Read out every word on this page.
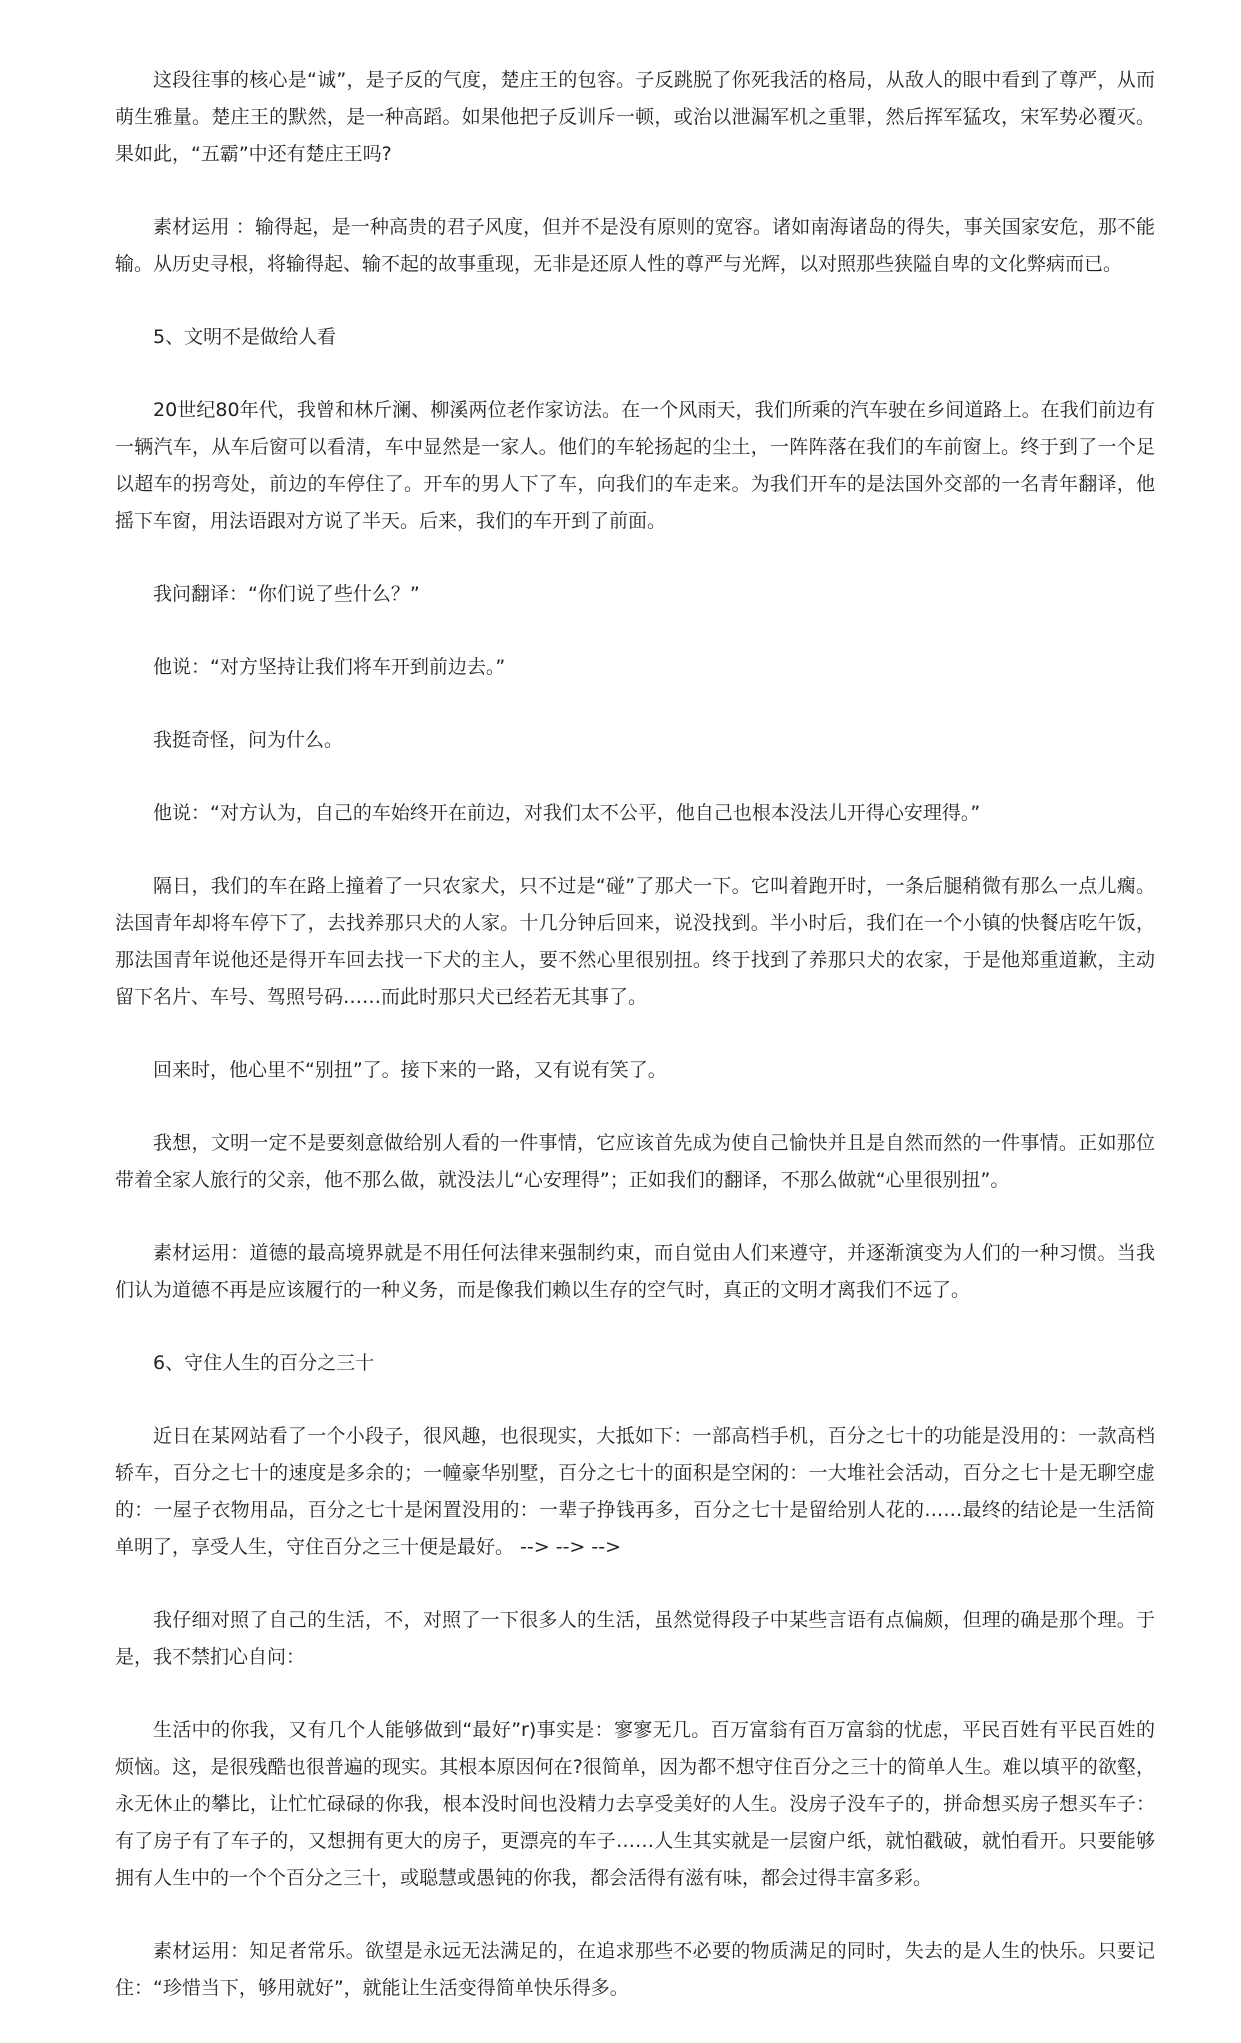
这段往事的核心是“诚”，是子反的气度，楚庄王的包容。子反跳脱了你死我活的格局，从敌人的眼中看到了尊严，从而萌生雅量。楚庄王的默然，是一种高蹈。如果他把子反训斥一顿，或治以泄漏军机之重罪，然后挥军猛攻，宋军势必覆灭。果如此，“五霸”中还有楚庄王吗?

素材运用 ：输得起，是一种高贵的君子风度，但并不是没有原则的宽容。诸如南海诸岛的得失，事关国家安危，那不能输。从历史寻根，将输得起、输不起的故事重现，无非是还原人性的尊严与光辉，以对照那些狭隘自卑的文化弊病而已。

5、文明不是做给人看

20世纪80年代，我曾和林斤澜、柳溪两位老作家访法。在一个风雨天，我们所乘的汽车驶在乡间道路上。在我们前边有一辆汽车，从车后窗可以看清，车中显然是一家人。他们的车轮扬起的尘土，一阵阵落在我们的车前窗上。终于到了一个足以超车的拐弯处，前边的车停住了。开车的男人下了车，向我们的车走来。为我们开车的是法国外交部的一名青年翻译，他摇下车窗，用法语跟对方说了半天。后来，我们的车开到了前面。

我问翻译：“你们说了些什么？”

他说：“对方坚持让我们将车开到前边去。”

我挺奇怪，问为什么。

他说：“对方认为，自己的车始终开在前边，对我们太不公平，他自己也根本没法儿开得心安理得。”

隔日，我们的车在路上撞着了一只农家犬，只不过是“碰”了那犬一下。它叫着跑开时，一条后腿稍微有那么一点儿瘸。法国青年却将车停下了，去找养那只犬的人家。十几分钟后回来，说没找到。半小时后，我们在一个小镇的快餐店吃午饭，那法国青年说他还是得开车回去找一下犬的主人，要不然心里很别扭。终于找到了养那只犬的农家，于是他郑重道歉，主动留下名片、车号、驾照号码……而此时那只犬已经若无其事了。

回来时，他心里不“别扭”了。接下来的一路，又有说有笑了。

我想，文明一定不是要刻意做给别人看的一件事情，它应该首先成为使自己愉快并且是自然而然的一件事情。正如那位带着全家人旅行的父亲，他不那么做，就没法儿“心安理得”；正如我们的翻译，不那么做就“心里很别扭”。

素材运用：道德的最高境界就是不用任何法律来强制约束，而自觉由人们来遵守，并逐渐演变为人们的一种习惯。当我们认为道德不再是应该履行的一种义务，而是像我们赖以生存的空气时，真正的文明才离我们不远了。

6、守住人生的百分之三十

近日在某网站看了一个小段子，很风趣，也很现实，大抵如下：一部高档手机，百分之七十的功能是没用的：一款高档轿车，百分之七十的速度是多余的；一幢豪华别墅，百分之七十的面积是空闲的：一大堆社会活动，百分之七十是无聊空虚的：一屋子衣物用品，百分之七十是闲置没用的：一辈子挣钱再多，百分之七十是留给别人花的……最终的结论是一生活简单明了，享受人生，守住百分之三十便是最好。 --> --> -->

我仔细对照了自己的生活，不，对照了一下很多人的生活，虽然觉得段子中某些言语有点偏颇，但理的确是那个理。于是，我不禁扪心自问：

生活中的你我，又有几个人能够做到“最好”r)事实是：寥寥无几。百万富翁有百万富翁的忧虑，平民百姓有平民百姓的烦恼。这，是很残酷也很普遍的现实。其根本原因何在?很简单，因为都不想守住百分之三十的简单人生。难以填平的欲壑，永无休止的攀比，让忙忙碌碌的你我，根本没时间也没精力去享受美好的人生。没房子没车子的，拼命想买房子想买车子：有了房子有了车子的，又想拥有更大的房子，更漂亮的车子……人生其实就是一层窗户纸，就怕戳破，就怕看开。只要能够拥有人生中的一个个百分之三十，或聪慧或愚钝的你我，都会活得有滋有味，都会过得丰富多彩。

素材运用：知足者常乐。欲望是永远无法满足的，在追求那些不必要的物质满足的同时，失去的是人生的快乐。只要记住：“珍惜当下，够用就好”，就能让生活变得简单快乐得多。
